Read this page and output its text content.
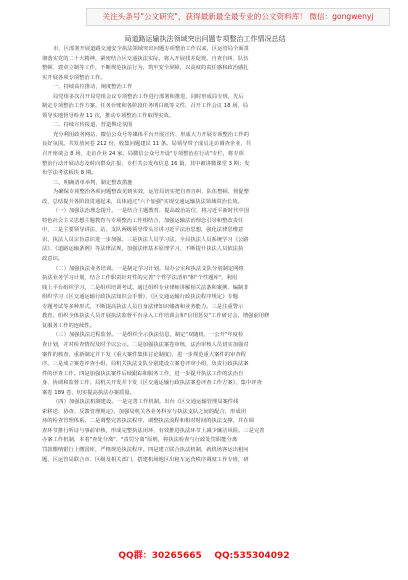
关注头条号"公文研究"，获得最新最全最专业的公文资料库！ 微信：gongwenyj
局道路运输执法领域突出问题专项整治工作情况总结
市、区部署开展道路交通安全执法领域突出问题专项整治工作以来，区运管局全面贯
彻落实党的二十大精神，紧密结合区交通执法实际，将入开展找差促规、自查自纠、队伍
整顿、建章立制等工作，不断规范执法行为，筑牢安全屏障，以高度的责任感和政治感扎
实开展各项专项整治工作。
一、持续高位推动，阐度整治工作
局党组多次召开局党组会议专项整治工作进行部署和推进，同时形成局专班，先后
制定专项整治工作方案。任务台账和各阶段任务明白纸等文件，召开工作会议 18 场，局
领导实地督导检查 11 次，推动专项整治工作取得实效。
二、持续宣传报道，营造舆论氛围
充分利用政务网站、微信公众号等媒体平台开展宣传、形成大力开展专项整治工作的
良好氛围。共发放问卷 212 份，收集问题建议 11 条。局领导带子成员走访调查企业，共
召开座谈会 8 场，走访企业 24 家，局微信公众号开设"专项整治在行动"专栏，将专项
整治行动开展动态及时向群众汇报，专栏共公发布信息 16 篇，其中被讲微课堂 3 期；发
布学法考法板块 8 期。
三、明确清单举判，制定整改措施
为确保专项整治各项问题整改见到实效，运管局切实把自查自纠、队伍整顿、督促整
改、总结提升各阶段贯通起来，具体通过"六个加强"实现交通运输执法领域常治长效。
（一）加强法治理念提升。一是结合主题教育，提高政治站位，将习近平新时代中国
特色社会主义思想主题教育与专项整治工作相结合，加强运输法治理念引导和整改责任
中，二是主要领导讲法、站、支队两级领导带头宣讲习近平法治思想，强化法律思维意
识，执法人员宗旨意识进一步加强。三是执法人员学习法，全局执法人员系统学习《公路
法》、《道路运输条例》等法律法规，加强法律基本原理学习，不断提升执法人员依法执
政意识。
（二）加强执法业务培训。一是制定学习计划。局办公室和执法支队分别制定网络
执法业务学习计划，结合工作职责针对性的完善"个性学法清单"和"个性题库"，利用
线上平台组织学习。二是组织培训考试。通过组织专业律师讲解相关法条和案例、编制非
组织学习《区交通运输行政执法知识会手册》、《区交通运输行政执法程序规定》专题
专题考试等多种形式，不断提高执法人员自身法律知识储备和业务能力。三是注重警示
教育。组织全体执法人员开展执法监督平台录入工作培训会和"信用惩复"工作研讨会，增强前用修
复服务工作的连续性。
（三）加强执法过程监督。一是组织全示执法信息，制定"双随机、一公开"年度检
查计划，并对检查情况及时予以公示。二是加强执法案卷审核，法治审核人员切实加强对
案件的核查，重新制定并下发《重大案件集体讨论制度》，进一步规范重大案件的审查程
序。三是成立案卷评查小组，局机关执法支队分别建设立案卷评审小组，负责行政执法案
件的评查工作。四是加强执法案件后续跟踪和服务工作，进一步提升执法工作的法治自
身、协调和监督工作。局机关开发并下发《区交通运输行政执法案卷评查工作方案》，集中评查
案卷 189 卷，切实提高执法办案质量。
（四）加强执法机制建设。一是完善工作机制。出台《区交通运输管理局案件线
索移送、协查、反馈管理规定》，加强局机关各业务科室与执法支队之间的配合，形成闭
环的检查管理体系。二是调整完善执法程序，调整执法流程和相对时间的执法支撑，并在调
查环节推行听证与事前审核，形成完整执法闭环，有效推进执法环节上减少廉洁风险。三是完善
办案工作机制，本着"查处分离"、"责罚分离"原则，将执法检查与行政处罚职能分离
罚款缴纳银行上缴国库，严格规范执法程序。四是建立联合执法机制，就机场客运出租问
题，区运管局联合市、区级及相关部门，搭建机场地区出租车运营秩序调度工作专班，研
QQ群：30265665    QQ:535304092
